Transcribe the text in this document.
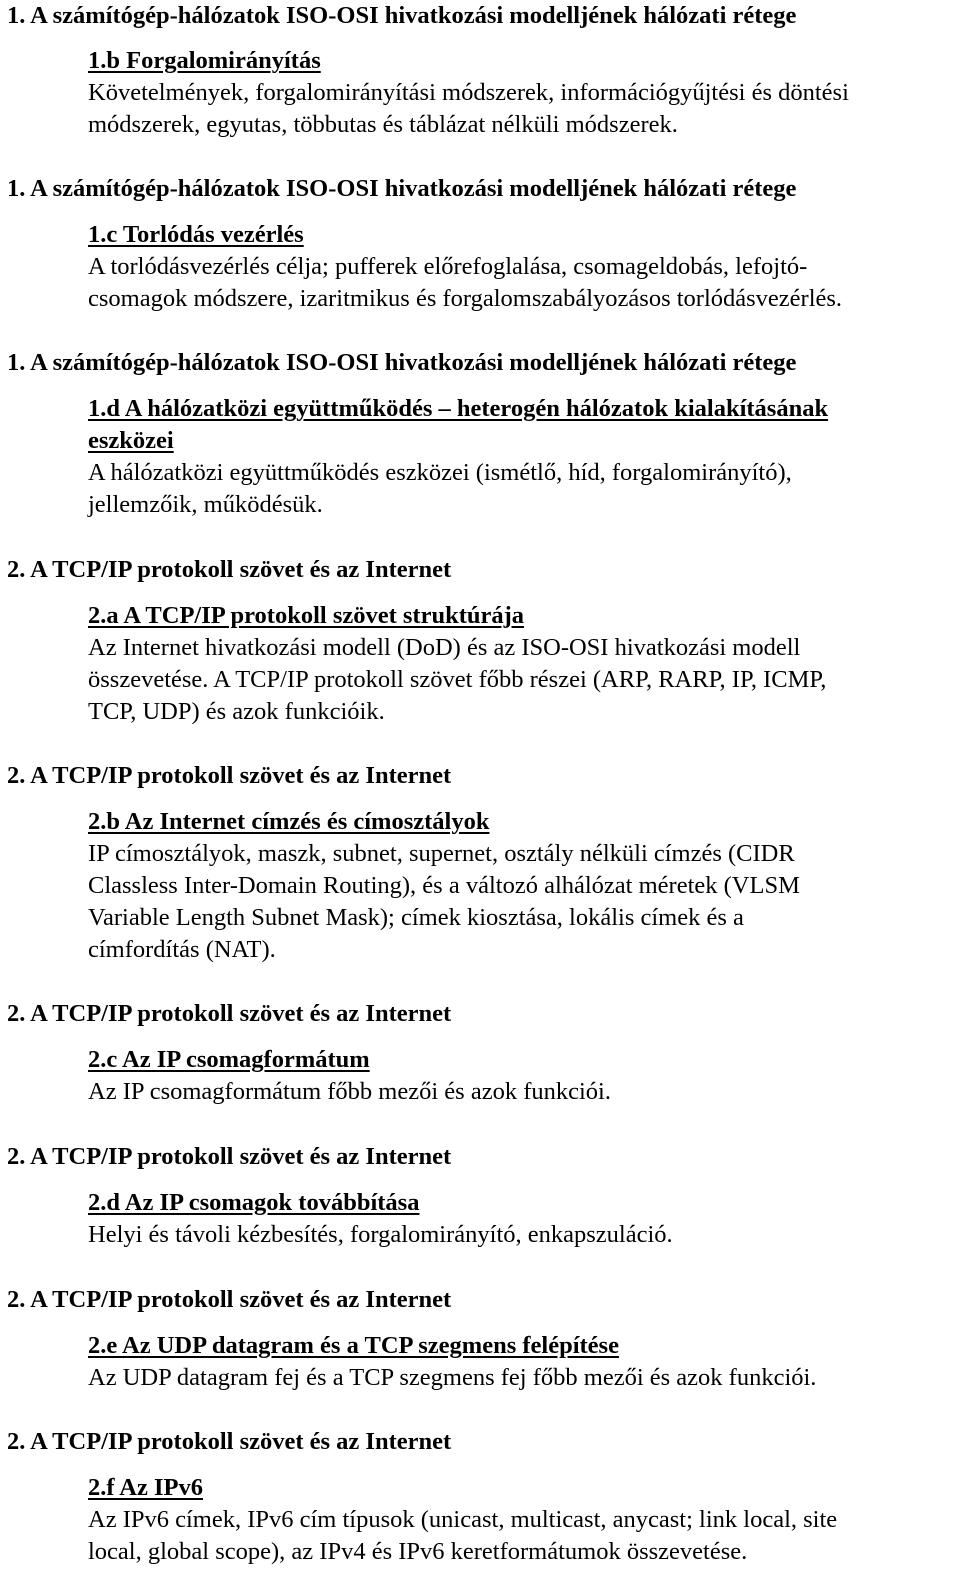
1. A számítógép-hálózatok ISO-OSI hivatkozási modelljének hálózati rétege

1.b Forgalomirányítás

Követelmények, forgalomirányítási módszerek, információgyűjtési és döntési

módszerek, egyutas, többutas és táblázat nélküli módszerek.

1. A számítógép-hálózatok ISO-OSI hivatkozási modelljének hálózati rétege

1.c Torlódás vezérlés

A torlódásvezérlés célja; pufferek előrefoglalása, csomageldobás, lefojtó-

csomagok módszere, izaritmikus és forgalomszabályozásos torlódásvezérlés.

1. A számítógép-hálózatok ISO-OSI hivatkozási modelljének hálózati rétege

1.d A hálózatközi együttműködés – heterogén hálózatok kialakításának

eszközei

A hálózatközi együttműködés eszközei (ismétlő, híd, forgalomirányító),

jellemzőik, működésük.

2. A TCP/IP protokoll szövet és az Internet

2.a A TCP/IP protokoll szövet struktúrája

Az Internet hivatkozási modell (DoD) és az ISO-OSI hivatkozási modell

összevetése. A TCP/IP protokoll szövet főbb részei (ARP, RARP, IP, ICMP,

TCP, UDP) és azok funkcióik.

2. A TCP/IP protokoll szövet és az Internet

2.b Az Internet címzés és címosztályok

IP címosztályok, maszk, subnet, supernet, osztály nélküli címzés (CIDR

Classless Inter-Domain Routing), és a változó alhálózat méretek (VLSM

Variable Length Subnet Mask); címek kiosztása, lokális címek és a

címfordítás (NAT).

2. A TCP/IP protokoll szövet és az Internet

2.c Az IP csomagformátum

Az IP csomagformátum főbb mezői és azok funkciói.

2. A TCP/IP protokoll szövet és az Internet

2.d Az IP csomagok továbbítása

Helyi és távoli kézbesítés, forgalomirányító, enkapszuláció.

2. A TCP/IP protokoll szövet és az Internet

2.e Az UDP datagram és a TCP szegmens felépítése

Az UDP datagram fej és a TCP szegmens fej főbb mezői és azok funkciói.

2. A TCP/IP protokoll szövet és az Internet

2.f Az IPv6

Az IPv6 címek, IPv6 cím típusok (unicast, multicast, anycast; link local, site

local, global scope), az IPv4 és IPv6 keretformátumok összevetése.
